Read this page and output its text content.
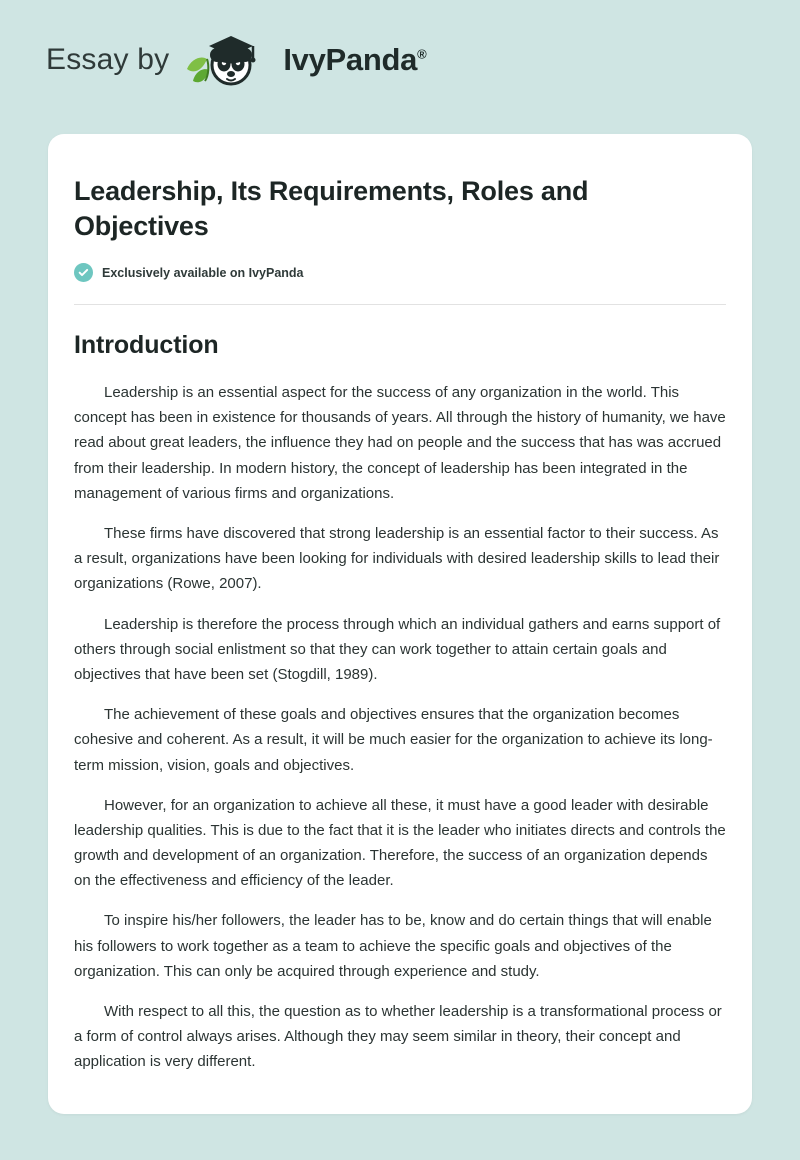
Essay by	IvyPanda®
Leadership, Its Requirements, Roles and Objectives
Exclusively available on IvyPanda
Introduction

Leadership is an essential aspect for the success of any organization in the world. This concept has been in existence for thousands of years. All through the history of humanity, we have read about great leaders, the influence they had on people and the success that has was accrued from their leadership. In modern history, the concept of leadership has been integrated in the management of various firms and organizations.

These firms have discovered that strong leadership is an essential factor to their success. As a result, organizations have been looking for individuals with desired leadership skills to lead their organizations (Rowe, 2007).

Leadership is therefore the process through which an individual gathers and earns support of others through social enlistment so that they can work together to attain certain goals and objectives that have been set (Stogdill, 1989).

The achievement of these goals and objectives ensures that the organization becomes cohesive and coherent. As a result, it will be much easier for the organization to achieve its long-term mission, vision, goals and objectives.

However, for an organization to achieve all these, it must have a good leader with desirable leadership qualities. This is due to the fact that it is the leader who initiates directs and controls the growth and development of an organization. Therefore, the success of an organization depends on the effectiveness and efficiency of the leader.

To inspire his/her followers, the leader has to be, know and do certain things that will enable his followers to work together as a team to achieve the specific goals and objectives of the organization. This can only be acquired through experience and study.

With respect to all this, the question as to whether leadership is a transformational process or a form of control always arises. Although they may seem similar in theory, their concept and application is very different.
